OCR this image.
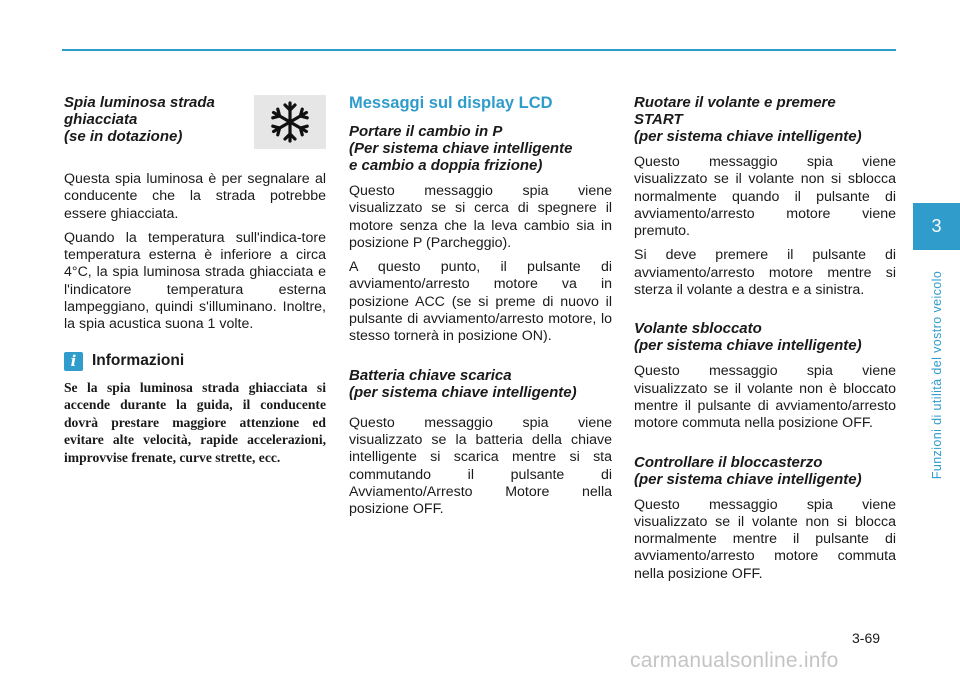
Spia luminosa strada
ghiacciata
(se in dotazione)

Questa spia luminosa è per segnalare al conducente che la strada potrebbe essere ghiacciata.

Quando la temperatura sull'indica-tore temperatura esterna è inferiore a circa 4°C, la spia luminosa strada ghiacciata e l'indicatore temperatura esterna lampeggiano, quindi s'illuminano. Inoltre, la spia acustica suona 1 volte.

i	Informazioni

Se la spia luminosa strada ghiacciata si accende durante la guida, il conducente dovrà prestare maggiore attenzione ed evitare alte velocità, rapide accelerazioni, improvvise frenate, curve strette, ecc.

Messaggi sul display LCD
Portare il cambio in P
(Per sistema chiave intelligente
e cambio a doppia frizione)

Questo messaggio spia viene visualizzato se si cerca di spegnere il motore senza che la leva cambio sia in posizione P (Parcheggio).

A questo punto, il pulsante di avviamento/arresto motore va in posizione ACC (se si preme di nuovo il pulsante di avviamento/arresto motore, lo stesso tornerà in posizione ON).

Batteria chiave scarica
(per sistema chiave intelligente)

Questo messaggio spia viene visualizzato se la batteria della chiave intelligente si scarica mentre si sta commutando il pulsante di Avviamento/Arresto Motore nella posizione OFF.

Ruotare il volante e premere
START
(per sistema chiave intelligente)

Questo messaggio spia viene visualizzato se il volante non si sblocca normalmente quando il pulsante di avviamento/arresto motore viene premuto.

Si deve premere il pulsante di avviamento/arresto motore mentre si sterza il volante a destra e a sinistra.

Volante sbloccato
(per sistema chiave intelligente)

Questo messaggio spia viene visualizzato se il volante non è bloccato mentre il pulsante di avviamento/arresto motore commuta nella posizione OFF.

Controllare il bloccasterzo
(per sistema chiave intelligente)

Questo messaggio spia viene visualizzato se il volante non si blocca normalmente mentre il pulsante di avviamento/arresto motore commuta nella posizione OFF.

3
Funzioni di utilità del vostro veicolo
3-69
carmanualsonline.info
